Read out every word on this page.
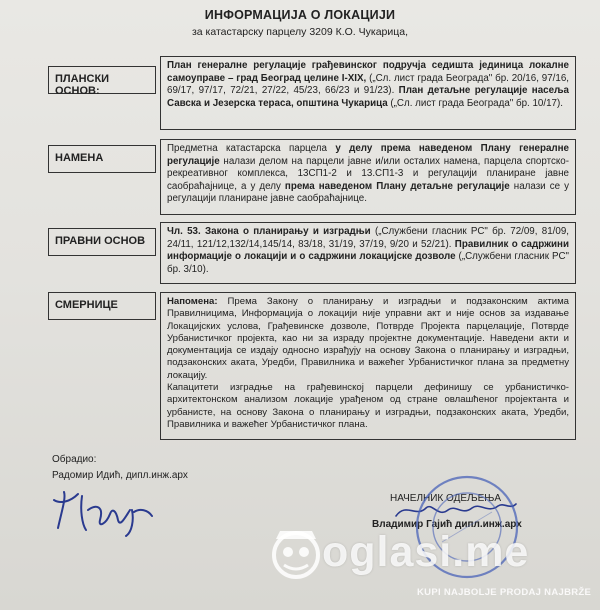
ИНФОРМАЦИЈА О ЛОКАЦИЈИ
за катастарску парцелу 3209 К.О. Чукарица,
ПЛАНСКИ ОСНОВ:
План генералне регулације грађевинског подручја седишта јединица локалне самоуправе – град Београд целине I-XIX, („Сл. лист града Београда" бр. 20/16, 97/16, 69/17, 97/17, 72/21, 27/22, 45/23, 66/23 и 91/23). План детаљне регулације насеља Савска и Језерска тераса, општина Чукарица („Сл. лист града Београда" бр. 10/17).
НАМЕНА
Предметна катастарска парцела у делу према наведеном Плану генералне регулације налази делом на парцели јавне и/или осталих намена, парцела спортско-рекреативног комплекса, 13СП1-2 и 13.СП1-3 и регулацији планиране јавне саобраћајнице, а у делу према наведеном Плану детаљне регулације налази се у регулацији планиране јавне саобраћајнице.
ПРАВНИ ОСНОВ
Чл. 53. Закона о планирању и изградњи („Службени гласник РС" бр. 72/09, 81/09, 24/11, 121/12,132/14,145/14, 83/18, 31/19, 37/19, 9/20 и 52/21). Правилник о садржини информације о локацији и о садржини локацијске дозволе („Службени гласник РС" бр. 3/10).
СМЕРНИЦЕ	Напомена: Према Закону о планирању и изградњи и подзаконским актима Правилницима, Информација о локацији није управни акт и није основ за издавање Локацијских услова, Грађевинске дозволе, Потврде Пројекта парцелације, Потврде Урбанистичког пројекта, као ни за израду пројектне документације. Наведени акти и документација се издају односно израђују на основу Закона о планирању и изградњи, подзаконских аката, Уредби, Правилника и важећег Урбанистичког плана за предметну локацију.
Капацитети изградње на грађевинској парцели дефинишу се урбанистичко-архитектонском анализом локације урађеном од стране овлашћеног пројектанта и урбанисте, на основу Закона о планирању и изградњи, подзаконских аката, Уредби, Правилника и важећег Урбанистичког плана.
Обрадио:
Радомир Идић, дипл.инж.арх
НАЧЕЛНИК ОДЕЉЕЊА
Владимир Гајић дипл.инж.арх
oglasi.me
KUPI NAJBOLJE PRODAJ NAJBRŽE
